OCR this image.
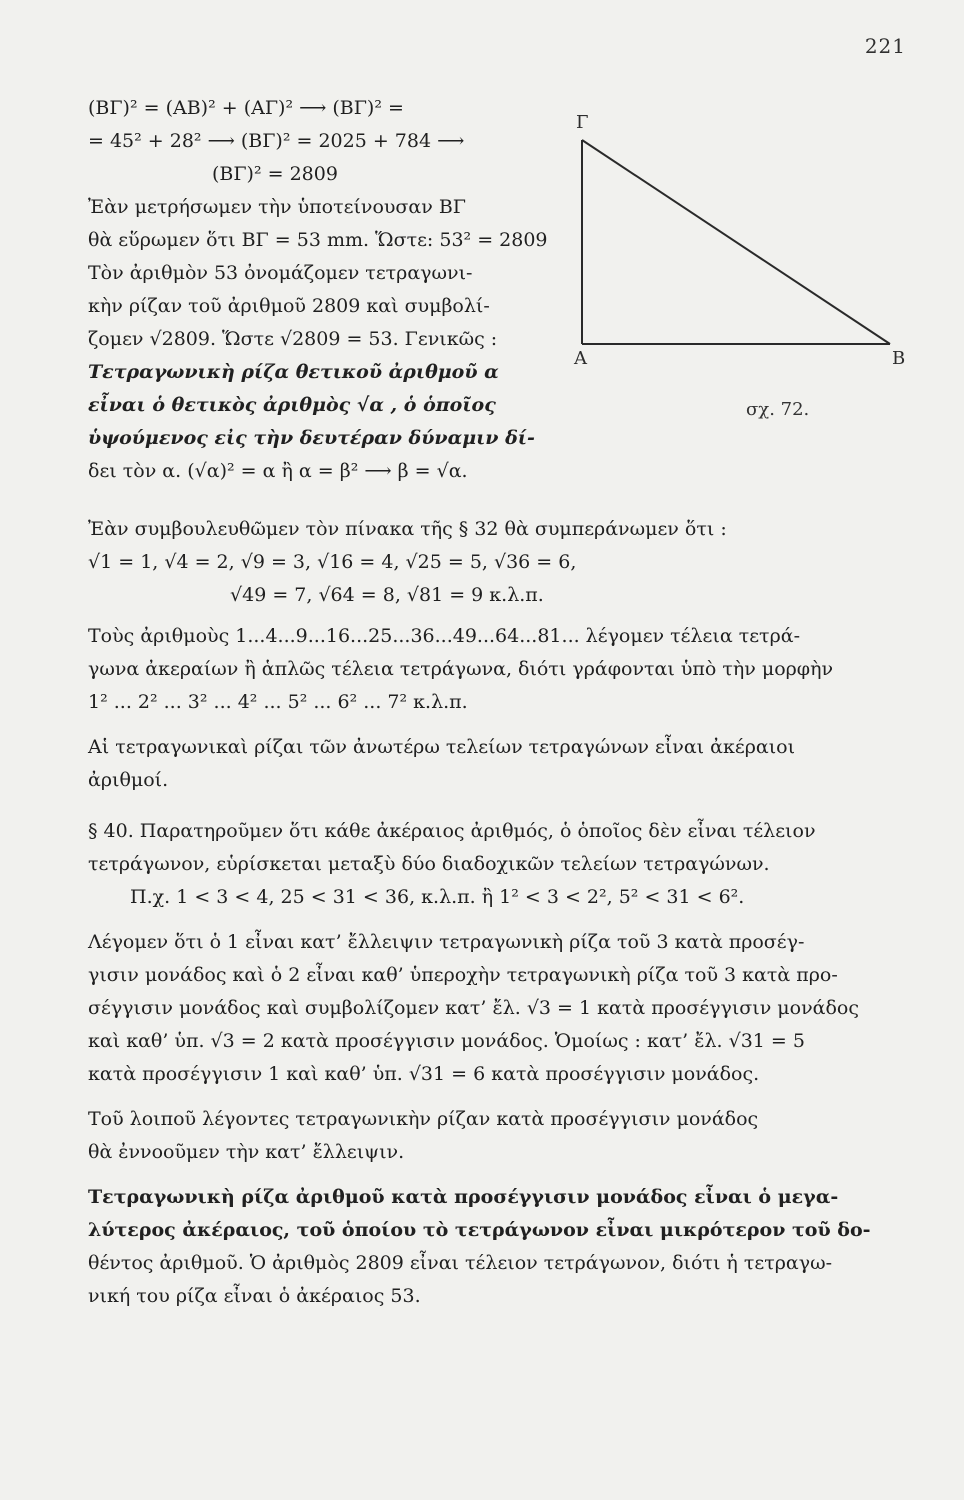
221
(ΒΓ)² = (ΑΒ)² + (ΑΓ)² ⟶ (ΒΓ)² =
= 45² + 28² ⟶ (ΒΓ)² = 2025 + 784 ⟶
(ΒΓ)² = 2809
Ἐὰν μετρήσωμεν τὴν ὑποτείνουσαν ΒΓ
θὰ εὕρωμεν ὅτι ΒΓ = 53 mm. Ὥστε: 53² = 2809
Τὸν ἀριθμὸν 53 ὀνομάζομεν τετραγωνι-
κὴν ρίζαν τοῦ ἀριθμοῦ 2809 καὶ συμβολί-
ζομεν √2809. Ὥστε √2809 = 53. Γενικῶς :
Τετραγωνικὴ ρίζα θετικοῦ ἀριθμοῦ α
εἶναι ὁ θετικὸς ἀριθμὸς √α , ὁ ὁποῖος
ὑψούμενος εἰς τὴν δευτέραν δύναμιν δί-
δει τὸν α. (√α)² = α ἢ α = β² ⟶ β = √α.
Γ
Α	Β
σχ. 72.
Ἐὰν συμβουλευθῶμεν τὸν πίνακα τῆς § 32 θὰ συμπεράνωμεν ὅτι :
√1 = 1, √4 = 2, √9 = 3, √16 = 4, √25 = 5, √36 = 6,
√49 = 7, √64 = 8, √81 = 9 κ.λ.π.
Τοὺς ἀριθμοὺς 1...4...9...16...25...36...49...64...81... λέγομεν τέλεια τετρά-
γωνα ἀκεραίων ἢ ἁπλῶς τέλεια τετράγωνα, διότι γράφονται ὑπὸ τὴν μορφὴν
1² ... 2² ... 3² ... 4² ... 5² ... 6² ... 7² κ.λ.π.
Αἱ τετραγωνικαὶ ρίζαι τῶν ἀνωτέρω τελείων τετραγώνων εἶναι ἀκέραιοι
ἀριθμοί.
§ 40. Παρατηροῦμεν ὅτι κάθε ἀκέραιος ἀριθμός, ὁ ὁποῖος δὲν εἶναι τέλειον
τετράγωνον, εὑρίσκεται μεταξὺ δύο διαδοχικῶν τελείων τετραγώνων.
Π.χ. 1 < 3 < 4, 25 < 31 < 36, κ.λ.π. ἢ 1² < 3 < 2², 5² < 31 < 6².
Λέγομεν ὅτι ὁ 1 εἶναι κατ’ ἔλλειψιν τετραγωνικὴ ρίζα τοῦ 3 κατὰ προσέγ-
γισιν μονάδος καὶ ὁ 2 εἶναι καθ’ ὑπεροχὴν τετραγωνικὴ ρίζα τοῦ 3 κατὰ προ-
σέγγισιν μονάδος καὶ συμβολίζομεν κατ’ ἔλ. √3 = 1 κατὰ προσέγγισιν μονάδος
καὶ καθ’ ὑπ. √3 = 2 κατὰ προσέγγισιν μονάδος. Ὁμοίως : κατ’ ἔλ. √31 = 5
κατὰ προσέγγισιν 1 καὶ καθ’ ὑπ. √31 = 6 κατὰ προσέγγισιν μονάδος.
Τοῦ λοιποῦ λέγοντες τετραγωνικὴν ρίζαν κατὰ προσέγγισιν μονάδος
θὰ ἐννοοῦμεν τὴν κατ’ ἔλλειψιν.
Τετραγωνικὴ ρίζα ἀριθμοῦ κατὰ προσέγγισιν μονάδος εἶναι ὁ μεγα-
λύτερος ἀκέραιος, τοῦ ὁποίου τὸ τετράγωνον εἶναι μικρότερον τοῦ δο-
θέντος ἀριθμοῦ. Ὁ ἀριθμὸς 2809 εἶναι τέλειον τετράγωνον, διότι ἡ τετραγω-
νική του ρίζα εἶναι ὁ ἀκέραιος 53.
